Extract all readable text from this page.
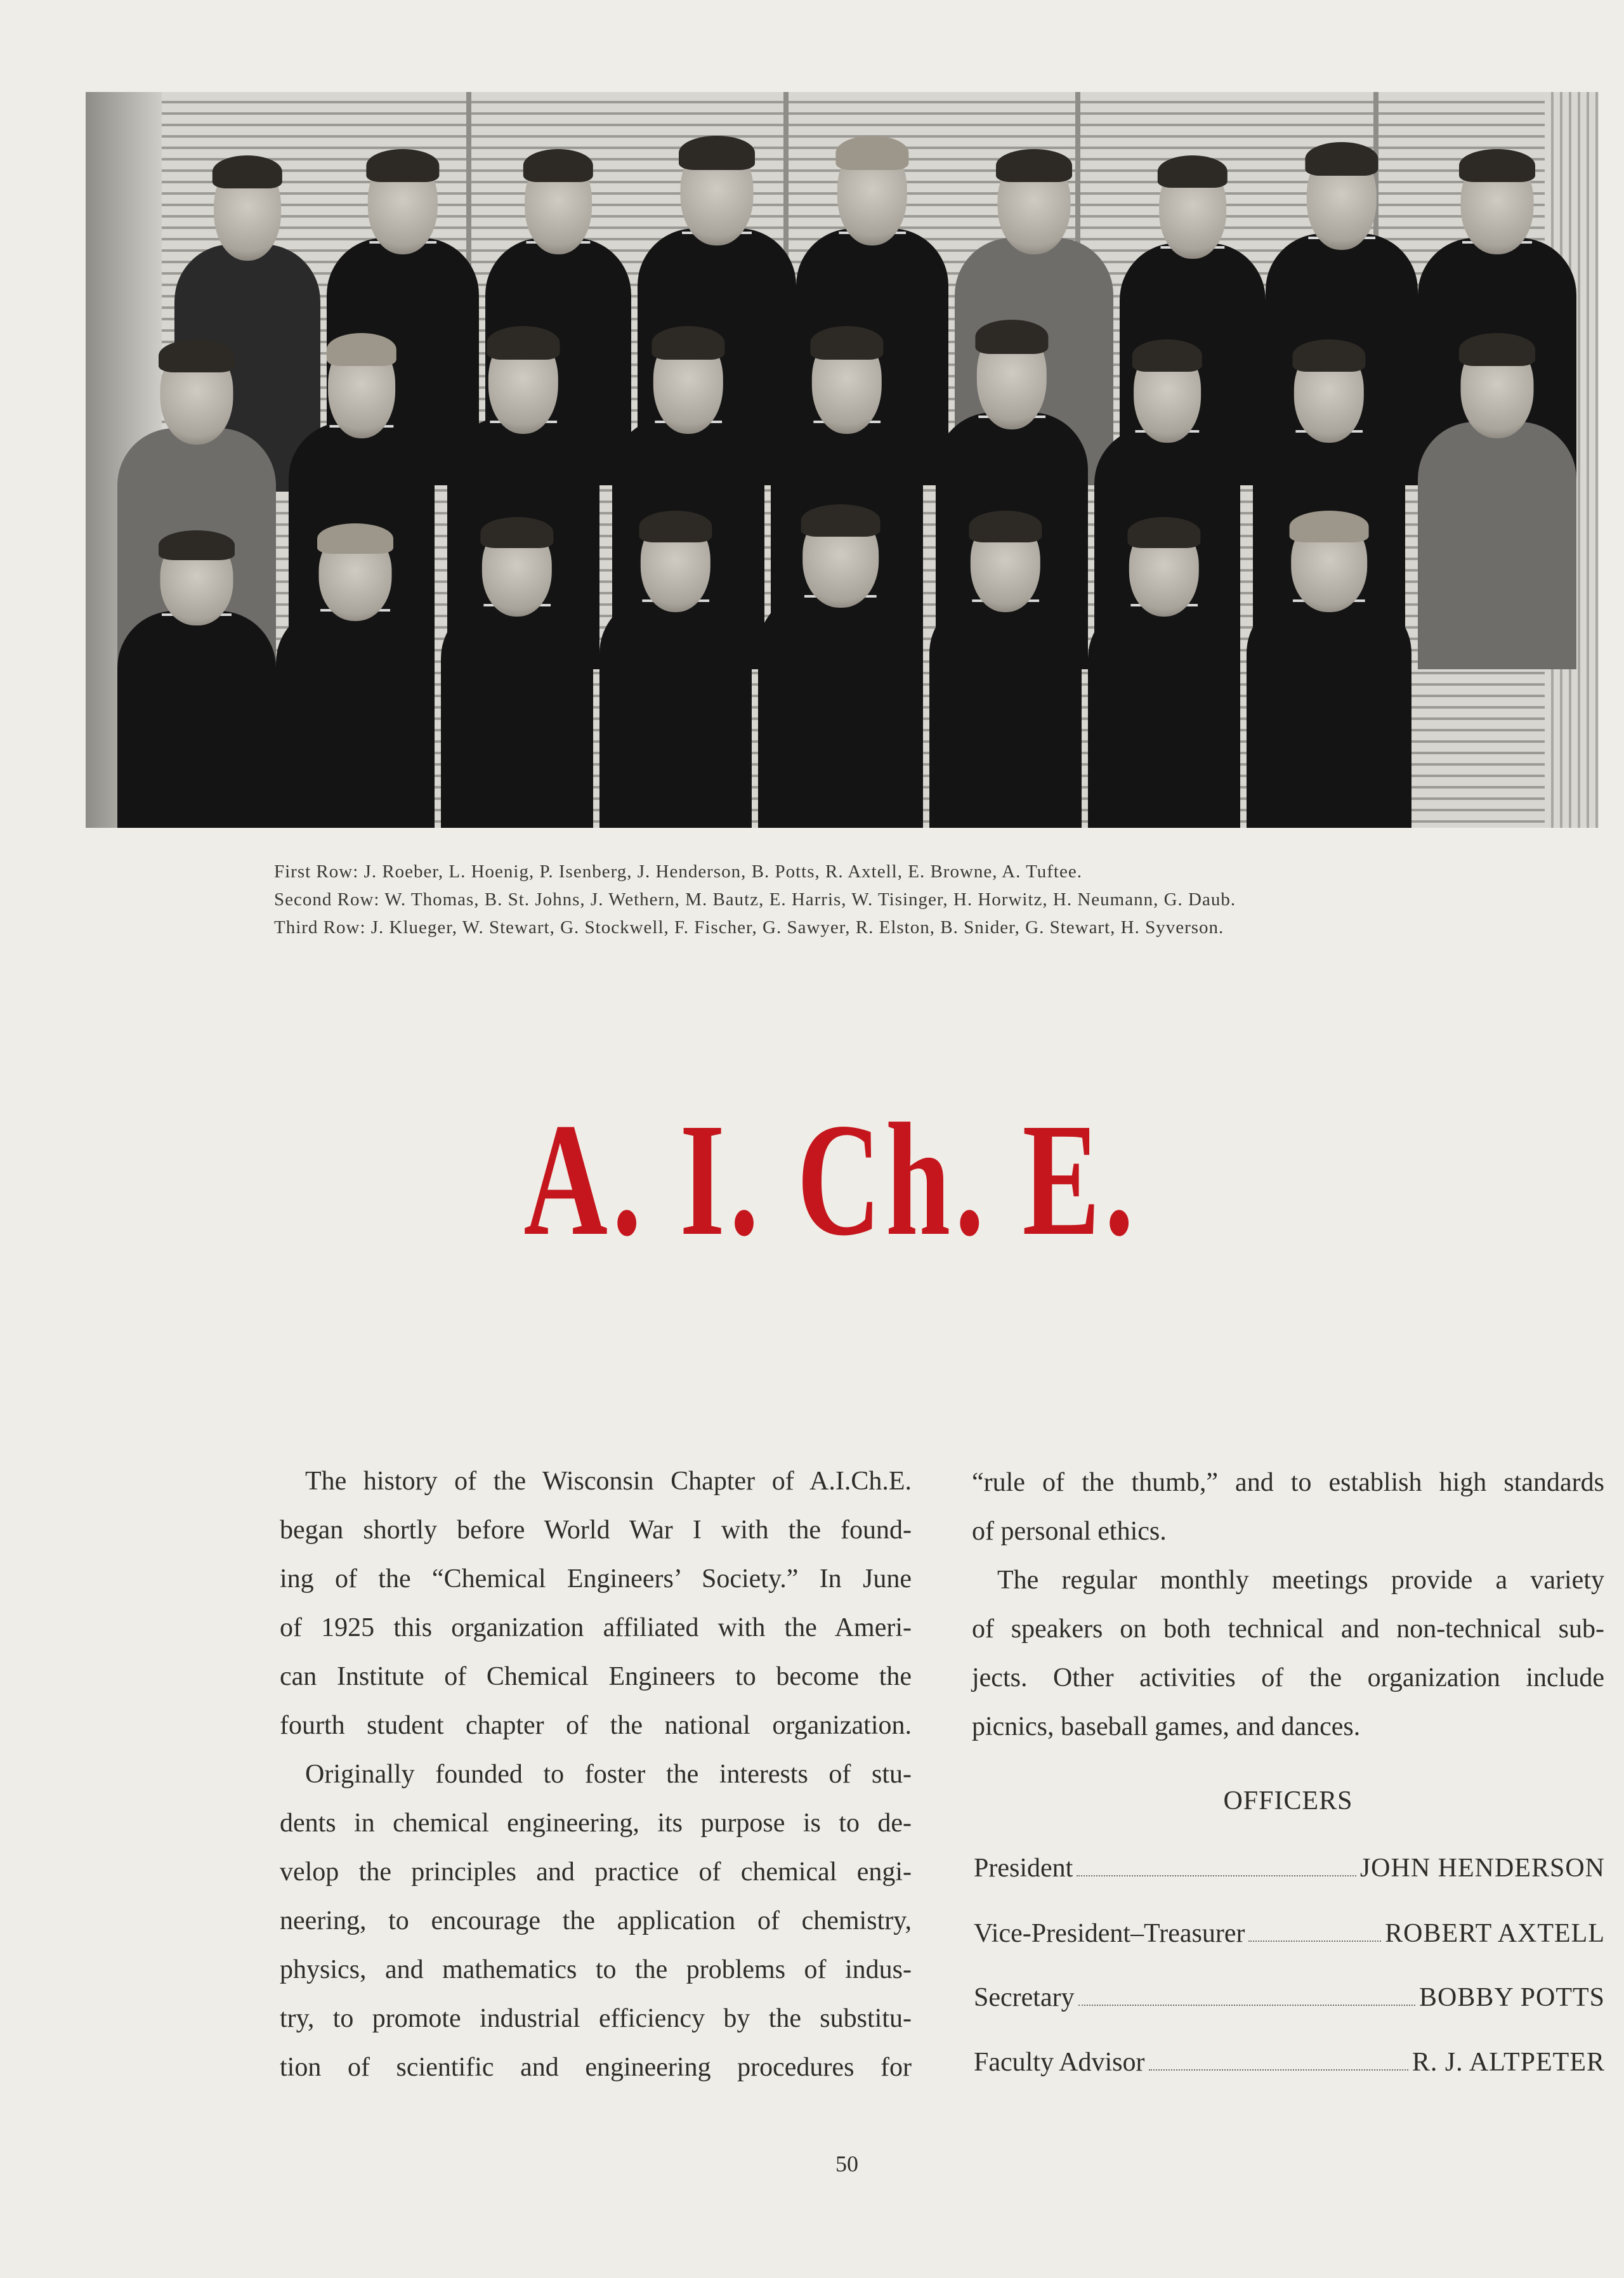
First Row: J. Roeber, L. Hoenig, P. Isenberg, J. Henderson, B. Potts, R. Axtell, E. Browne, A. Tuftee.
Second Row: W. Thomas, B. St. Johns, J. Wethern, M. Bautz, E. Harris, W. Tisinger, H. Horwitz, H. Neumann, G. Daub.
Third Row: J. Klueger, W. Stewart, G. Stockwell, F. Fischer, G. Sawyer, R. Elston, B. Snider, G. Stewart, H. Syverson.
A. I. Ch. E.
The history of the Wisconsin Chapter of A.I.Ch.E.
began shortly before World War I with the found-
ing of the “Chemical Engineers’ Society.” In June
of 1925 this organization affiliated with the Ameri-
can Institute of Chemical Engineers to become the
fourth student chapter of the national organization.
Originally founded to foster the interests of stu-
dents in chemical engineering, its purpose is to de-
velop the principles and practice of chemical engi-
neering, to encourage the application of chemistry,
physics, and mathematics to the problems of indus-
try, to promote industrial efficiency by the substitu-
tion of scientific and engineering procedures for
“rule of the thumb,” and to establish high standards
of personal ethics.
The regular monthly meetings provide a variety
of speakers on both technical and non-technical sub-
jects. Other activities of the organization include
picnics, baseball games, and dances.
OFFICERS
President	JOHN HENDERSON
Vice-President–Treasurer	ROBERT AXTELL
Secretary	BOBBY POTTS
Faculty Advisor	R. J. ALTPETER
50
